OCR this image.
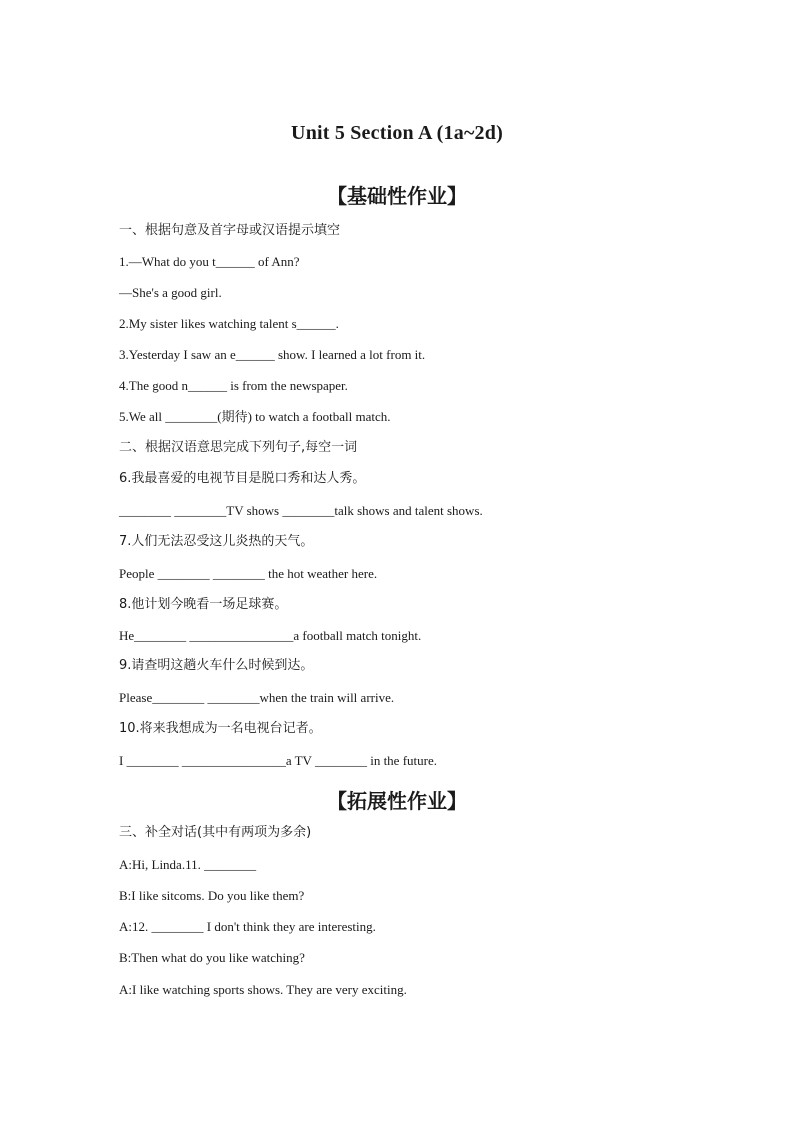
Unit 5 Section A (1a~2d)
【基础性作业】
一、根据句意及首字母或汉语提示填空
1.—What do you t______ of Ann?
—She's a good girl.
2.My sister likes watching talent s______.
3.Yesterday I saw an e______ show. I learned a lot from it.
4.The good n______ is from the newspaper.
5.We all ________(期待) to watch a football match.
二、根据汉语意思完成下列句子,每空一词
6.我最喜爱的电视节目是脱口秀和达人秀。
________ ________TV shows ________talk shows and talent shows.
7.人们无法忍受这儿炎热的天气。
People ________ ________ the hot weather here.
8.他计划今晚看一场足球赛。
He________ ________________a football match tonight.
9.请查明这趟火车什么时候到达。
Please________ ________when the train will arrive.
10.将来我想成为一名电视台记者。
I ________ ________________a TV ________ in the future.
【拓展性作业】
三、补全对话(其中有两项为多余)
A:Hi, Linda.11. ________
B:I like sitcoms. Do you like them?
A:12. ________ I don't think they are interesting.
B:Then what do you like watching?
A:I like watching sports shows. They are very exciting.
